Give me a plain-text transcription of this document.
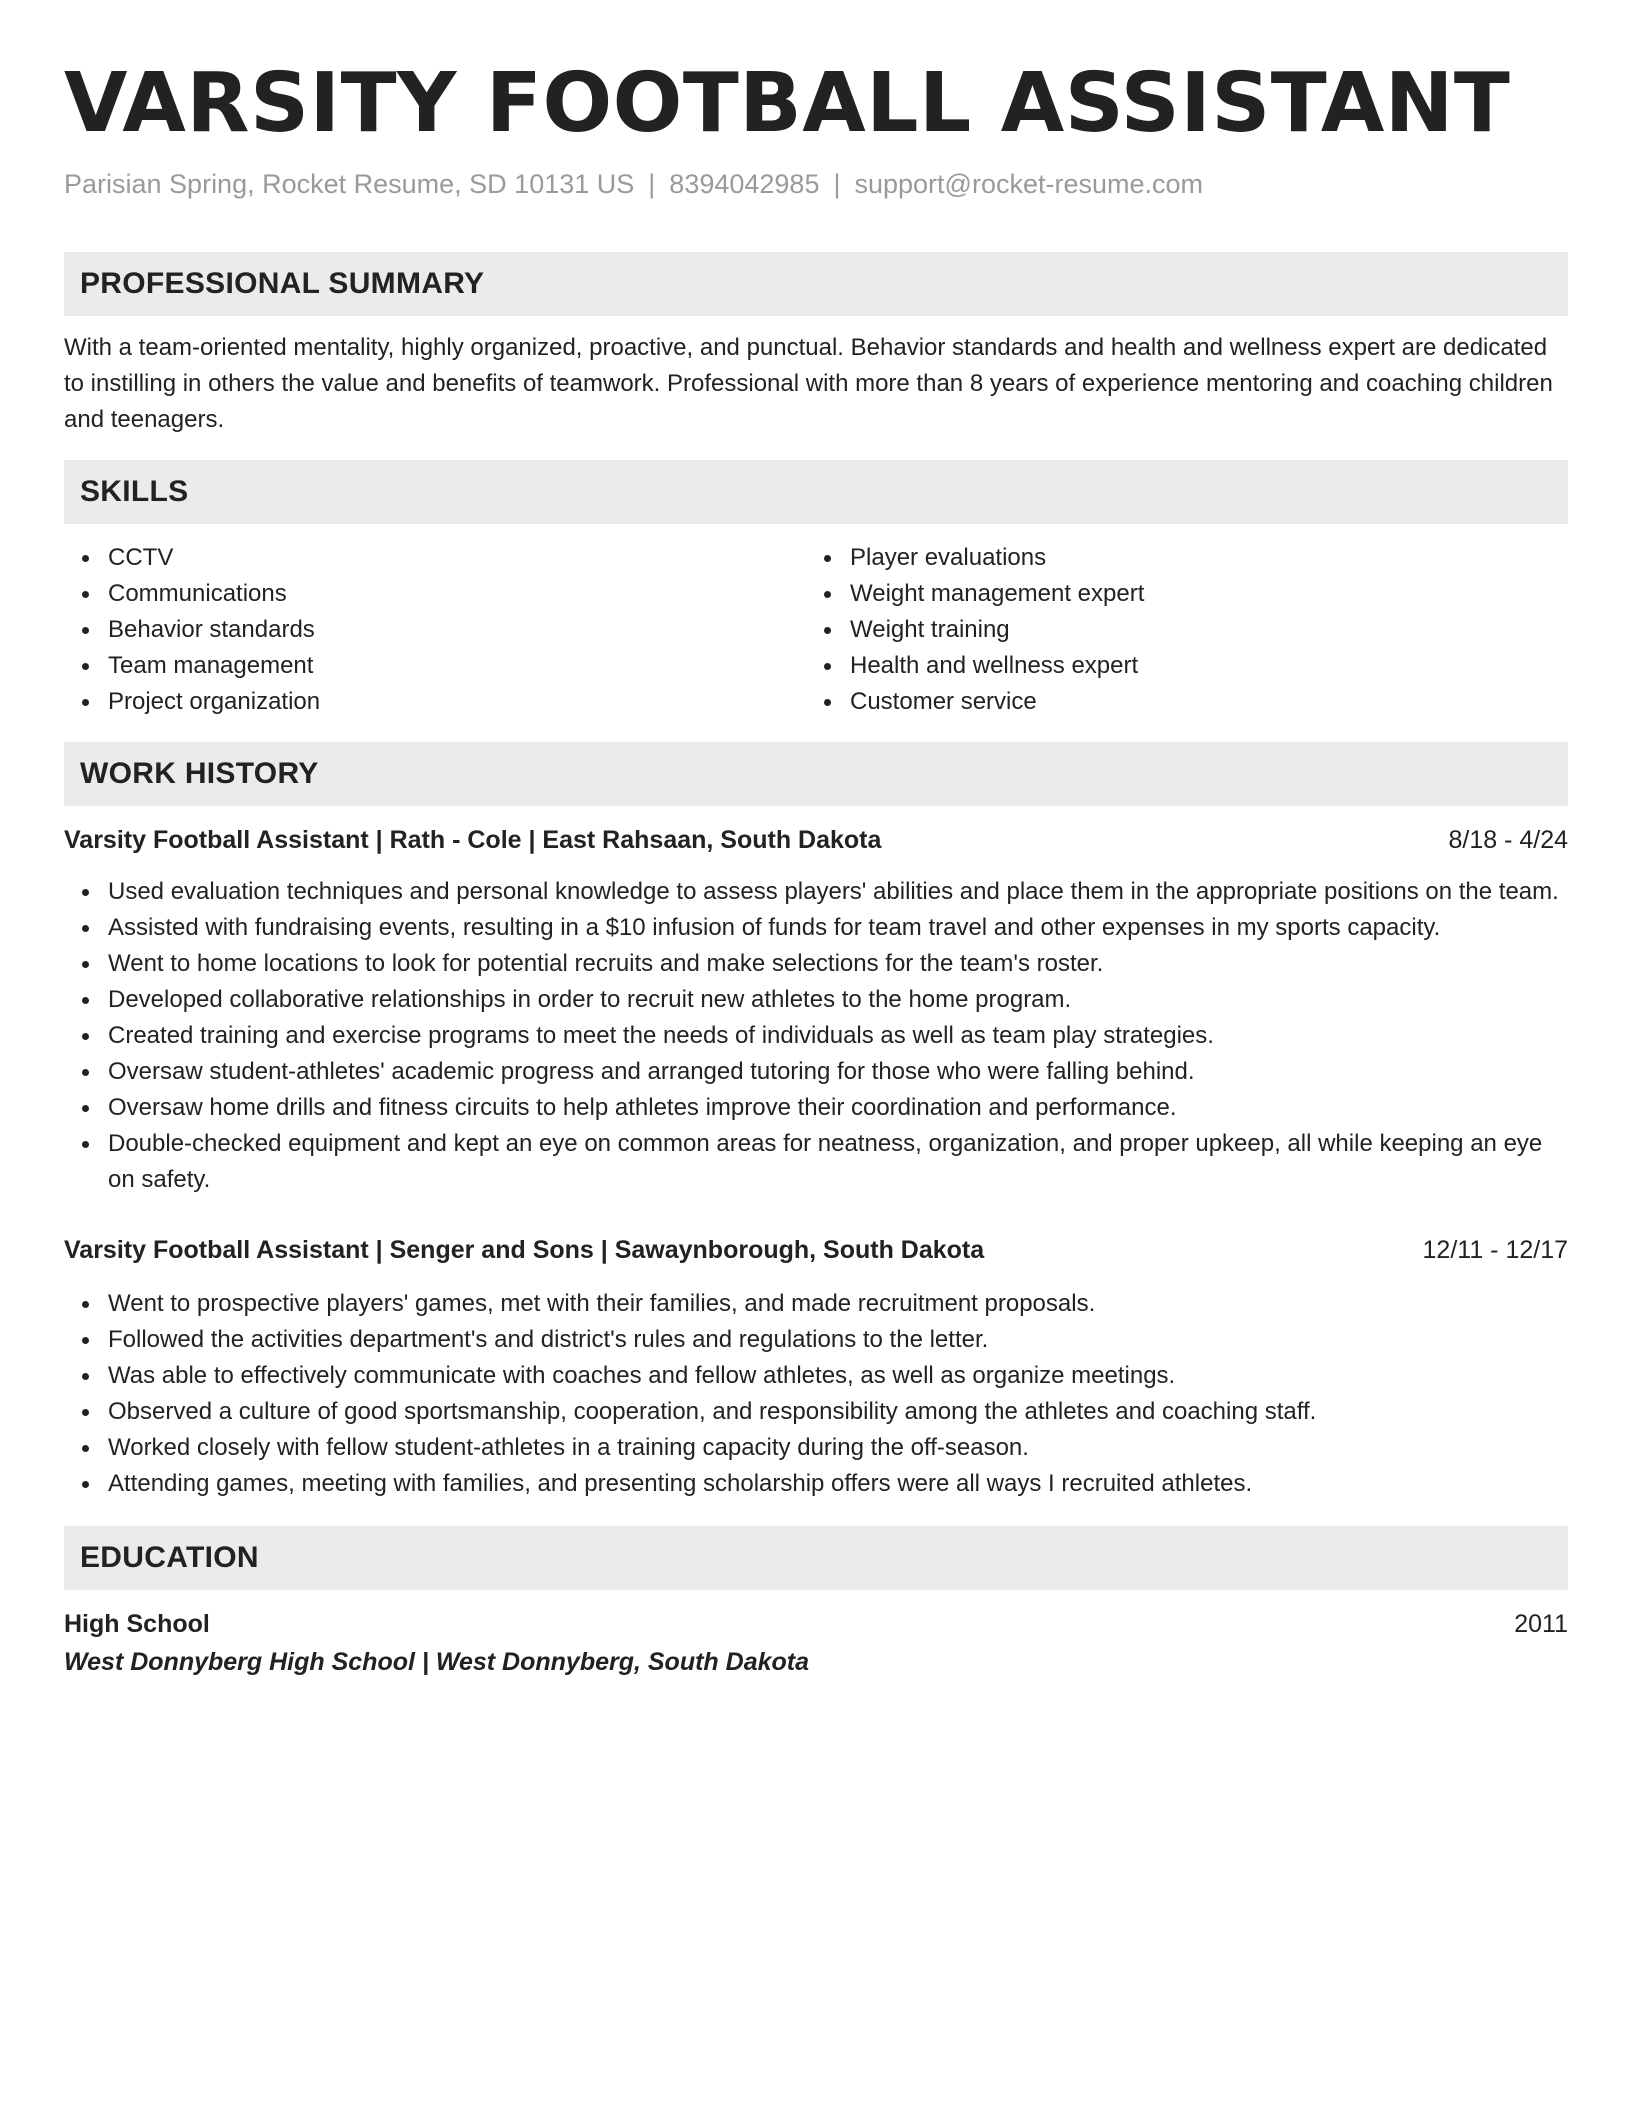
VARSITY FOOTBALL ASSISTANT
Parisian Spring, Rocket Resume, SD 10131 US | 8394042985 | support@rocket-resume.com
PROFESSIONAL SUMMARY

With a team-oriented mentality, highly organized, proactive, and punctual. Behavior standards and health and wellness expert are dedicated to instilling in others the value and benefits of teamwork. Professional with more than 8 years of experience mentoring and coaching children and teenagers.

SKILLS
CCTV
Communications
Behavior standards
Team management
Project organization
Player evaluations
Weight management expert
Weight training
Health and wellness expert
Customer service
WORK HISTORY
Varsity Football Assistant | Rath - Cole | East Rahsaan, South Dakota	8/18 - 4/24
Used evaluation techniques and personal knowledge to assess players' abilities and place them in the appropriate positions on the team.
Assisted with fundraising events, resulting in a $10 infusion of funds for team travel and other expenses in my sports capacity.
Went to home locations to look for potential recruits and make selections for the team's roster.
Developed collaborative relationships in order to recruit new athletes to the home program.
Created training and exercise programs to meet the needs of individuals as well as team play strategies.
Oversaw student-athletes' academic progress and arranged tutoring for those who were falling behind.
Oversaw home drills and fitness circuits to help athletes improve their coordination and performance.
Double-checked equipment and kept an eye on common areas for neatness, organization, and proper upkeep, all while keeping an eye on safety.
Varsity Football Assistant | Senger and Sons | Sawaynborough, South Dakota	12/11 - 12/17
Went to prospective players' games, met with their families, and made recruitment proposals.
Followed the activities department's and district's rules and regulations to the letter.
Was able to effectively communicate with coaches and fellow athletes, as well as organize meetings.
Observed a culture of good sportsmanship, cooperation, and responsibility among the athletes and coaching staff.
Worked closely with fellow student-athletes in a training capacity during the off-season.
Attending games, meeting with families, and presenting scholarship offers were all ways I recruited athletes.
EDUCATION
High School	2011
West Donnyberg High School | West Donnyberg, South Dakota
